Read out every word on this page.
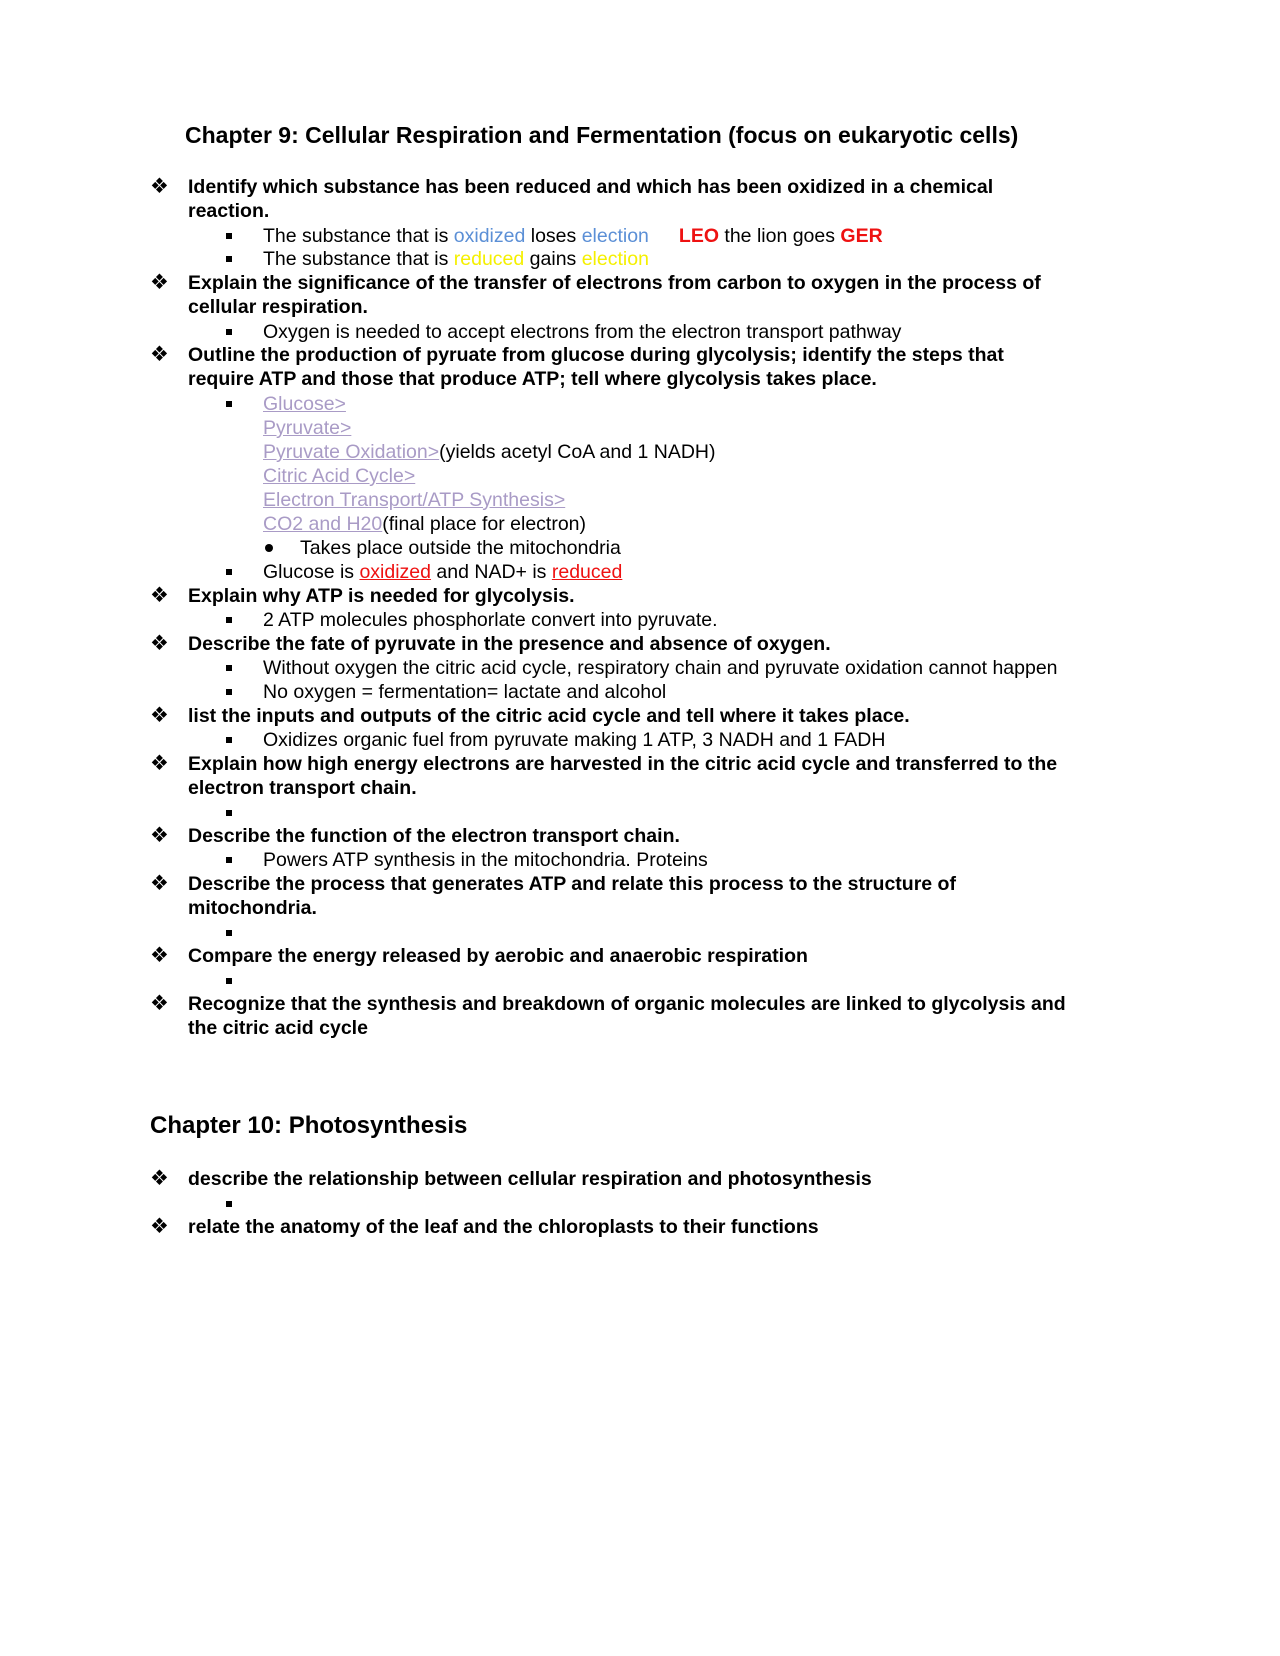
Chapter 9: Cellular Respiration and Fermentation (focus on eukaryotic cells)
❖ Identify which substance has been reduced and which has been oxidized in a chemical
reaction.
The substance that is oxidized loses election LEO the lion goes GER
The substance that is reduced gains election
❖ Explain the significance of the transfer of electrons from carbon to oxygen in the process of
cellular respiration.
Oxygen is needed to accept electrons from the electron transport pathway
❖ Outline the production of pyruate from glucose during glycolysis; identify the steps that
require ATP and those that produce ATP; tell where glycolysis takes place.
Glucose>
Pyruvate>
Pyruvate Oxidation>(yields acetyl CoA and 1 NADH)
Citric Acid Cycle>
Electron Transport/ATP Synthesis>
CO2 and H20(final place for electron)
Takes place outside the mitochondria
Glucose is oxidized and NAD+ is reduced
❖ Explain why ATP is needed for glycolysis.
2 ATP molecules phosphorlate convert into pyruvate.
❖ Describe the fate of pyruvate in the presence and absence of oxygen.
Without oxygen the citric acid cycle, respiratory chain and pyruvate oxidation cannot happen
No oxygen = fermentation= lactate and alcohol
❖ list the inputs and outputs of the citric acid cycle and tell where it takes place.
Oxidizes organic fuel from pyruvate making 1 ATP, 3 NADH and 1 FADH
❖ Explain how high energy electrons are harvested in the citric acid cycle and transferred to the
electron transport chain.
❖ Describe the function of the electron transport chain.
Powers ATP synthesis in the mitochondria. Proteins
❖ Describe the process that generates ATP and relate this process to the structure of
mitochondria.
❖ Compare the energy released by aerobic and anaerobic respiration
❖ Recognize that the synthesis and breakdown of organic molecules are linked to glycolysis and
the citric acid cycle
Chapter 10: Photosynthesis
❖ describe the relationship between cellular respiration and photosynthesis
❖ relate the anatomy of the leaf and the chloroplasts to their functions
